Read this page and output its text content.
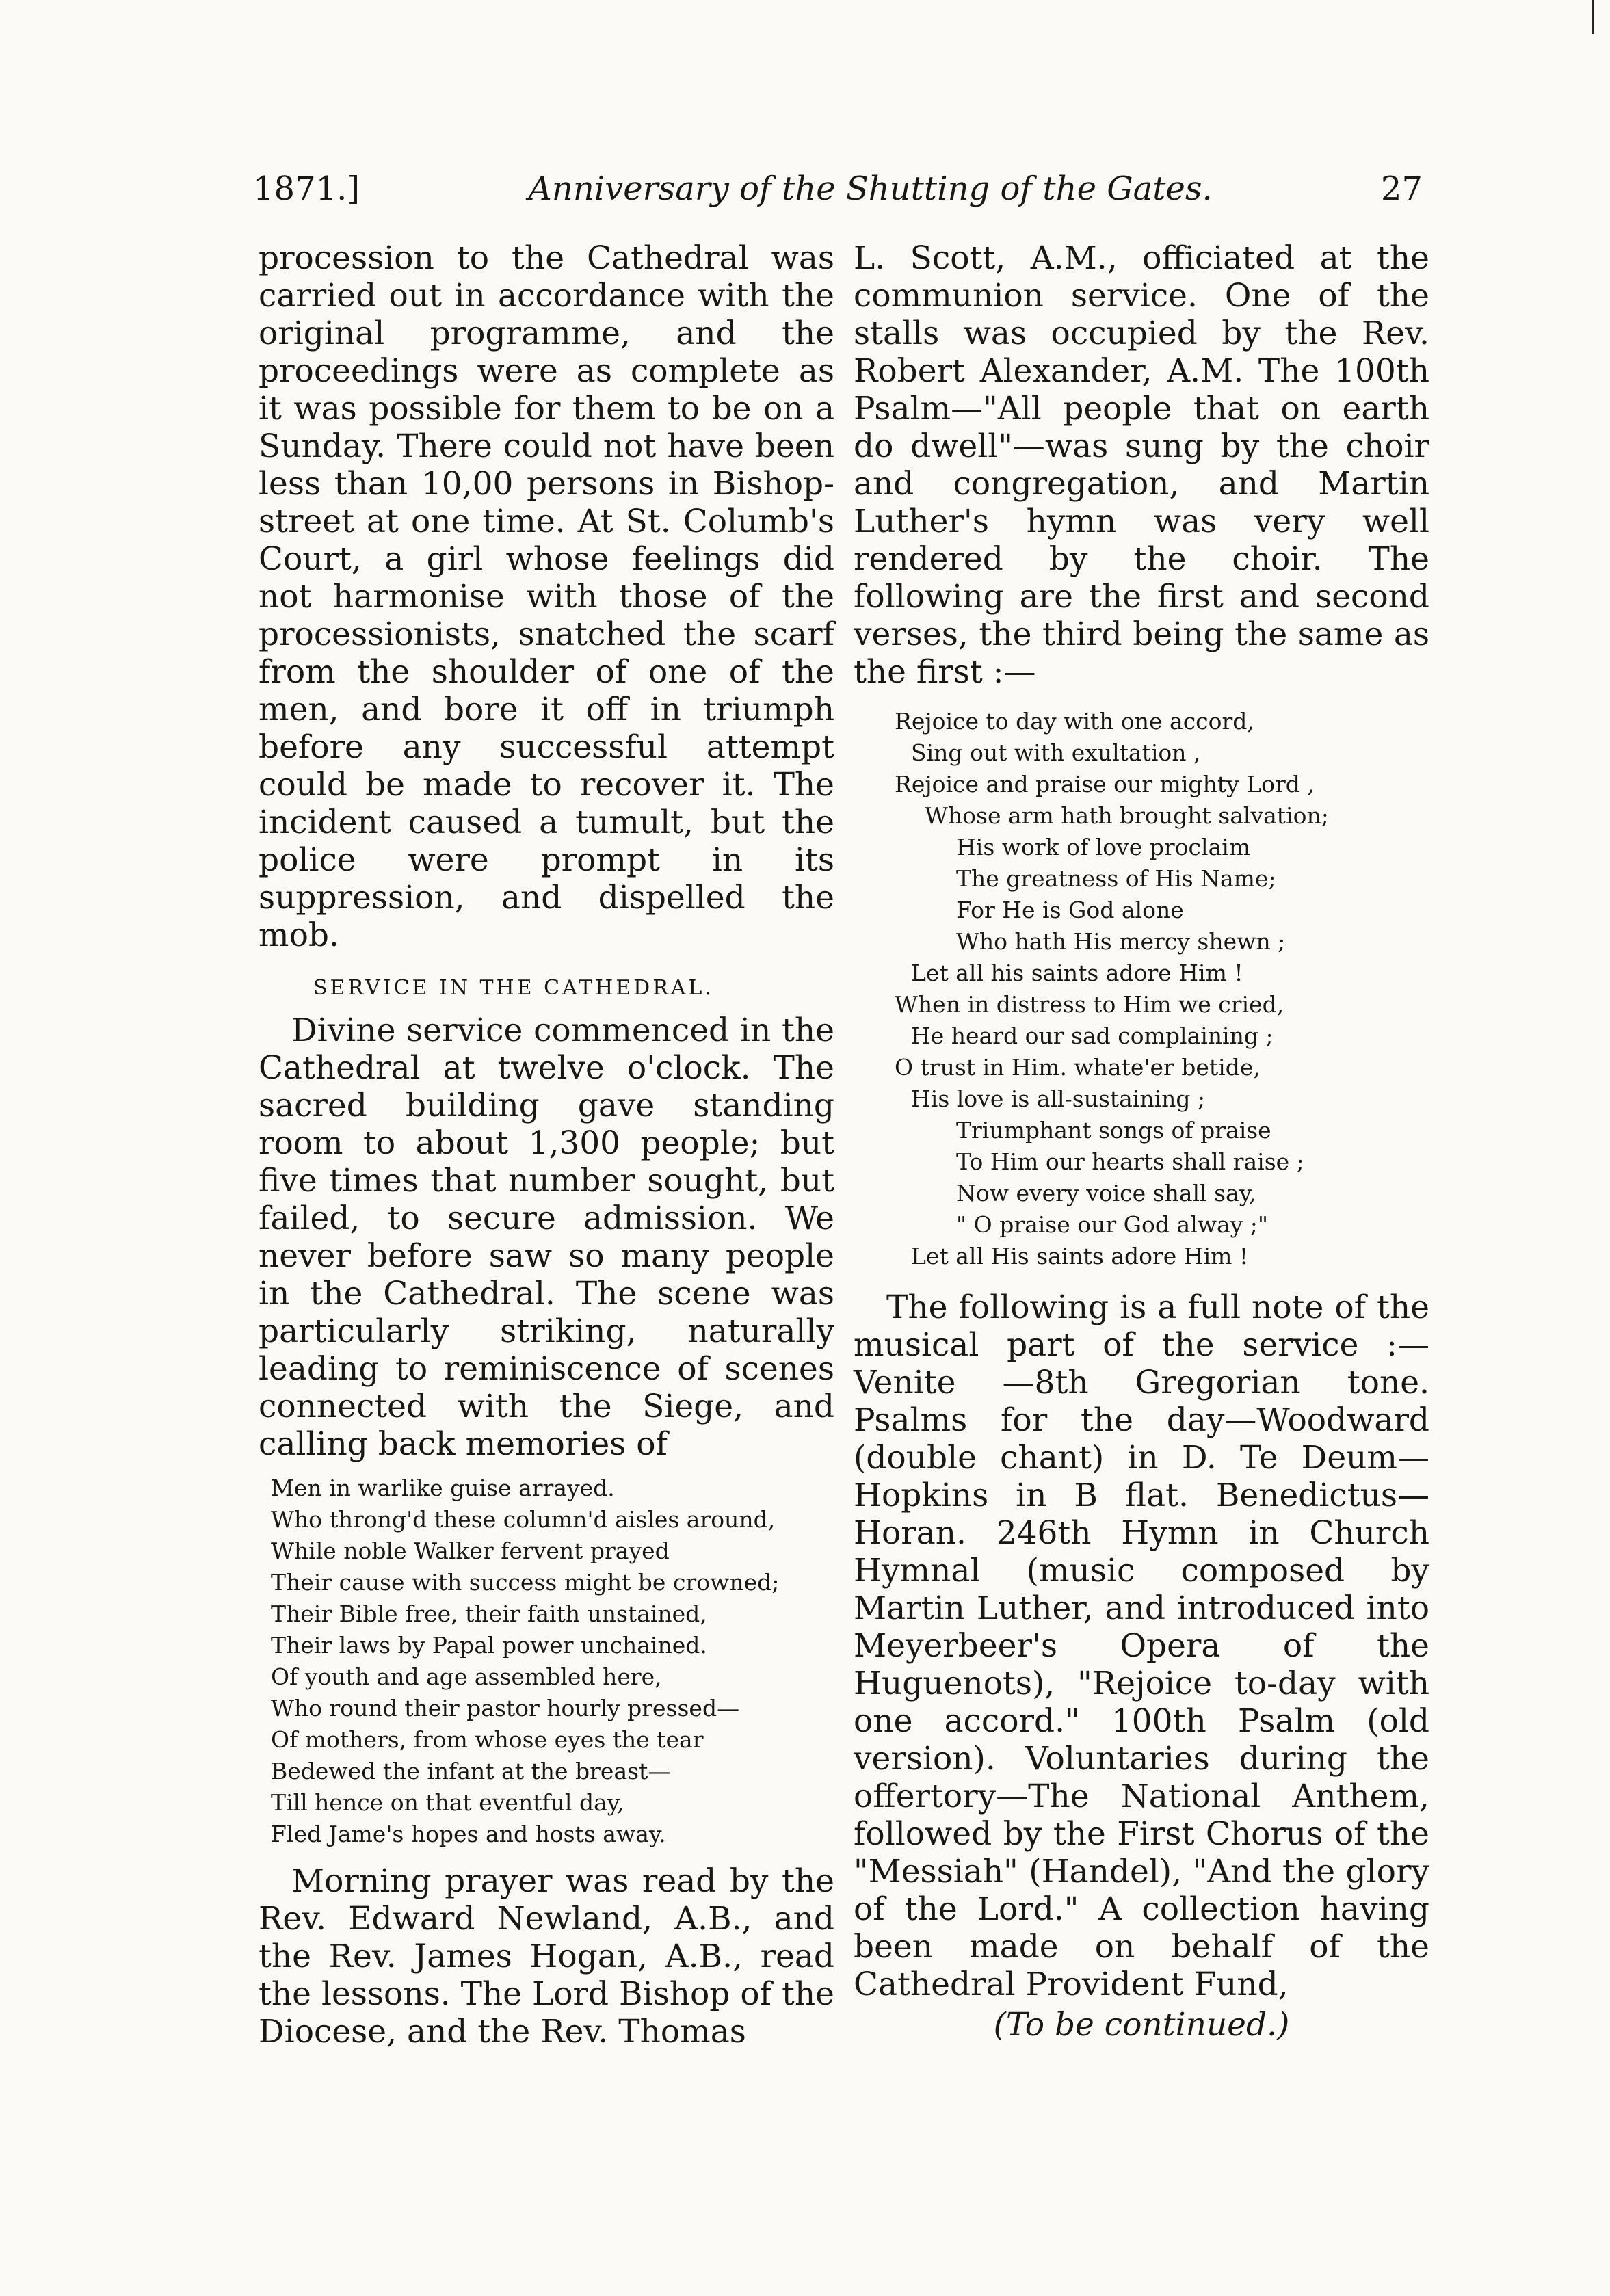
1871.]	Anniversary of the Shutting of the Gates.	27

procession to the Cathedral was carried out in accordance with the original programme, and the proceedings were as complete as it was possible for them to be on a Sunday. There could not have been less than 10,00 persons in Bishop-street at one time. At St. Columb's Court, a girl whose feelings did not harmonise with those of the processionists, snatched the scarf from the shoulder of one of the men, and bore it off in triumph before any successful attempt could be made to recover it. The incident caused a tumult, but the police were prompt in its suppression, and dispelled the mob.

SERVICE IN THE CATHEDRAL.

Divine service commenced in the Cathedral at twelve o'clock. The sacred building gave standing room to about 1,300 people; but five times that number sought, but failed, to secure admission. We never before saw so many people in the Cathedral. The scene was particularly striking, naturally leading to reminiscence of scenes connected with the Siege, and calling back memories of

Men in warlike guise arrayed.
Who throng'd these column'd aisles around,
While noble Walker fervent prayed
Their cause with success might be crowned;
Their Bible free, their faith unstained,
Their laws by Papal power unchained.
Of youth and age assembled here,
Who round their pastor hourly pressed—
Of mothers, from whose eyes the tear
Bedewed the infant at the breast—
Till hence on that eventful day,
Fled Jame's hopes and hosts away.

Morning prayer was read by the Rev. Edward Newland, A.B., and the Rev. James Hogan, A.B., read the lessons. The Lord Bishop of the Diocese, and the Rev. Thomas

L. Scott, A.M., officiated at the communion service. One of the stalls was occupied by the Rev. Robert Alexander, A.M. The 100th Psalm—"All people that on earth do dwell"—was sung by the choir and congregation, and Martin Luther's hymn was very well rendered by the choir. The following are the first and second verses, the third being the same as the first :—

Rejoice to day with one accord,
Sing out with exultation ,
Rejoice and praise our mighty Lord ,
Whose arm hath brought salvation;
His work of love proclaim
The greatness of His Name;
For He is God alone
Who hath His mercy shewn ;
Let all his saints adore Him !
When in distress to Him we cried,
He heard our sad complaining ;
O trust in Him. whate'er betide,
His love is all-sustaining ;
Triumphant songs of praise
To Him our hearts shall raise ;
Now every voice shall say,
" O praise our God alway ;"
Let all His saints adore Him !

The following is a full note of the musical part of the service :— Venite —8th Gregorian tone. Psalms for the day—Woodward (double chant) in D. Te Deum—Hopkins in B flat. Benedictus—Horan. 246th Hymn in Church Hymnal (music composed by Martin Luther, and introduced into Meyerbeer's Opera of the Huguenots), "Rejoice to-day with one accord." 100th Psalm (old version). Voluntaries during the offertory—The National Anthem, followed by the First Chorus of the "Messiah" (Handel), "And the glory of the Lord." A collection having been made on behalf of the Cathedral Provident Fund,

(To be continued.)
